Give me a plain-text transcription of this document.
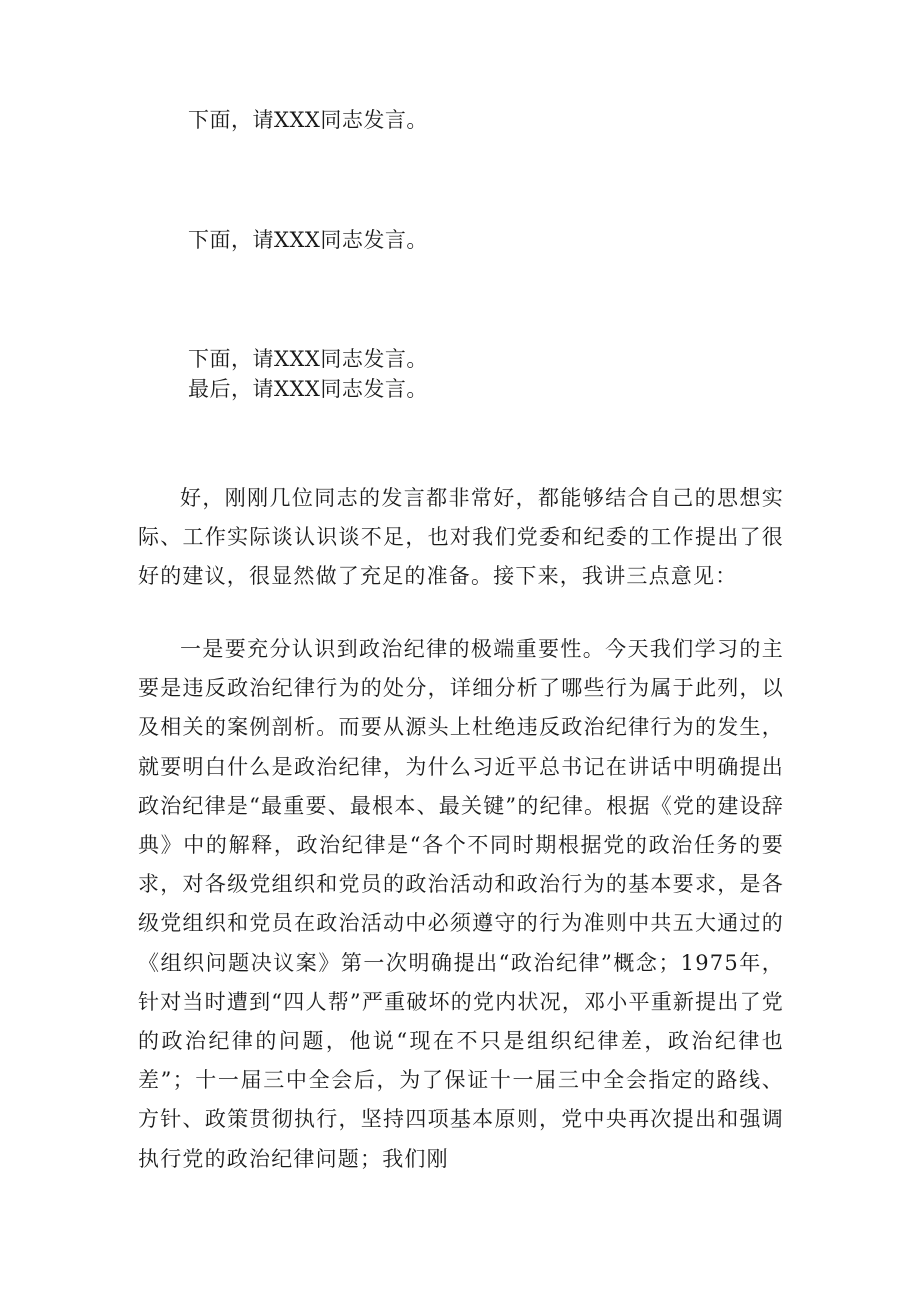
下面，请XXX同志发言。
下面，请XXX同志发言。
下面，请XXX同志发言。
最后，请XXX同志发言。
好，刚刚几位同志的发言都非常好，都能够结合自己的思想实际、工作实际谈认识谈不足，也对我们党委和纪委的工作提出了很好的建议，很显然做了充足的准备。接下来，我讲三点意见：
一是要充分认识到政治纪律的极端重要性。今天我们学习的主要是违反政治纪律行为的处分，详细分析了哪些行为属于此列，以及相关的案例剖析。而要从源头上杜绝违反政治纪律行为的发生，就要明白什么是政治纪律，为什么习近平总书记在讲话中明确提出政治纪律是“最重要、最根本、最关键”的纪律。根据《党的建设辞典》中的解释，政治纪律是“各个不同时期根据党的政治任务的要求，对各级党组织和党员的政治活动和政治行为的基本要求，是各级党组织和党员在政治活动中必须遵守的行为准则中共五大通过的《组织问题决议案》第一次明确提出“政治纪律”概念；1975年，针对当时遭到“四人帮”严重破坏的党内状况，邓小平重新提出了党的政治纪律的问题，他说“现在不只是组织纪律差，政治纪律也差”；十一届三中全会后，为了保证十一届三中全会指定的路线、方针、政策贯彻执行，坚持四项基本原则，党中央再次提出和强调执行党的政治纪律问题；我们刚
